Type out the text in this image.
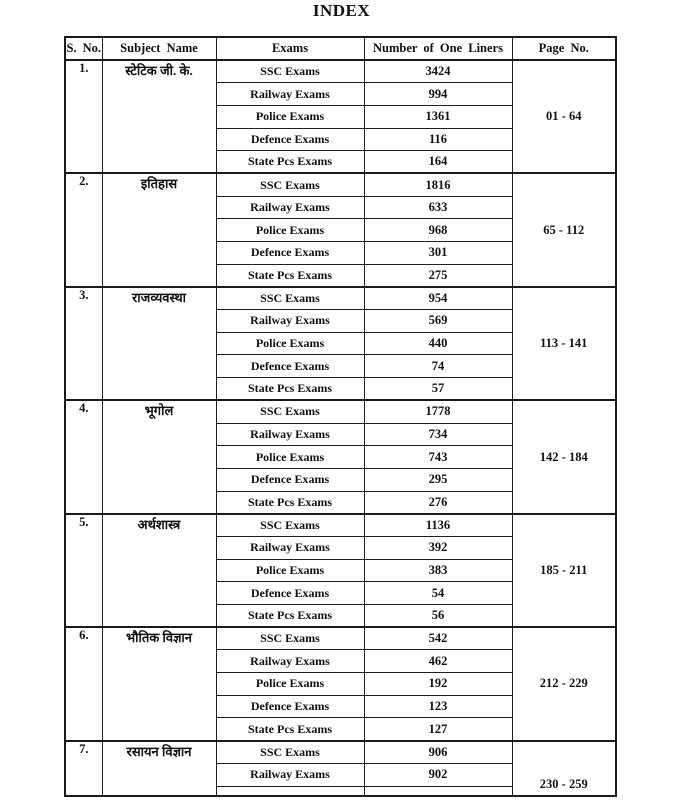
INDEX
S. No.	Subject Name	Exams	Number of One Liners	Page No.
1.	स्टेटिक जी. के.	SSC Exams	3424	01 - 64
		Railway Exams	994	
		Police Exams	1361	
		Defence Exams	116	
		State Pcs Exams	164	
2.	इतिहास	SSC Exams	1816	65 - 112
		Railway Exams	633	
		Police Exams	968	
		Defence Exams	301	
		State Pcs Exams	275	
3.	राजव्यवस्था	SSC Exams	954	113 - 141
		Railway Exams	569	
		Police Exams	440	
		Defence Exams	74	
		State Pcs Exams	57	
4.	भूगोल	SSC Exams	1778	142 - 184
		Railway Exams	734	
		Police Exams	743	
		Defence Exams	295	
		State Pcs Exams	276	
5.	अर्थशास्त्र	SSC Exams	1136	185 - 211
		Railway Exams	392	
		Police Exams	383	
		Defence Exams	54	
		State Pcs Exams	56	
6.	भौतिक विज्ञान	SSC Exams	542	212 - 229
		Railway Exams	462	
		Police Exams	192	
		Defence Exams	123	
		State Pcs Exams	127	
7.	रसायन विज्ञान	SSC Exams	906	230 - 259
		Railway Exams	902	
